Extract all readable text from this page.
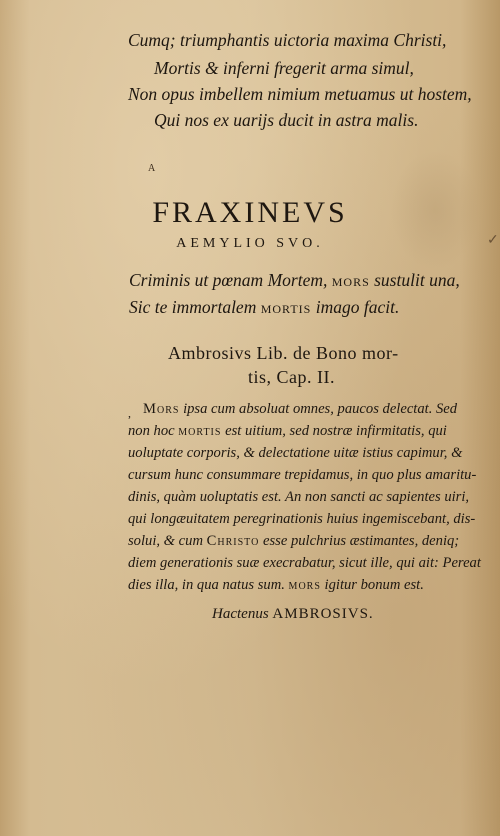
Cumq; triumphantis uictoria maxima Christi,
Mortis & inferni fregerit arma simul,
Non opus imbellem nimium metuamus ut hostem,
Qui nos ex uarijs ducit in astra malis.
A
FRAXINEVS
AEMYLIO SVO.	✓
Criminis ut pœnam Mortem, mors sustulit una,
Sic te immortalem mortis imago facit.
Ambrosivs Lib. de Bono mor-
tis, Cap. II.
, Mors ipsa cum absoluat omnes, paucos delectat. Sed
non hoc mortis est uitium, sed nostræ infirmitatis, qui
uoluptate corporis, & delectatione uitæ istius capimur, &
cursum hunc consummare trepidamus, in quo plus amaritu-
dinis, quàm uoluptatis est. An non sancti ac sapientes uiri,
qui longæuitatem peregrinationis huius ingemiscebant, dis-
solui, & cum Christo esse pulchrius æstimantes, deniq;
diem generationis suæ execrabatur, sicut ille, qui ait: Pereat
dies illa, in qua natus sum. mors igitur bonum est.
Hactenus AMBROSIVS.
